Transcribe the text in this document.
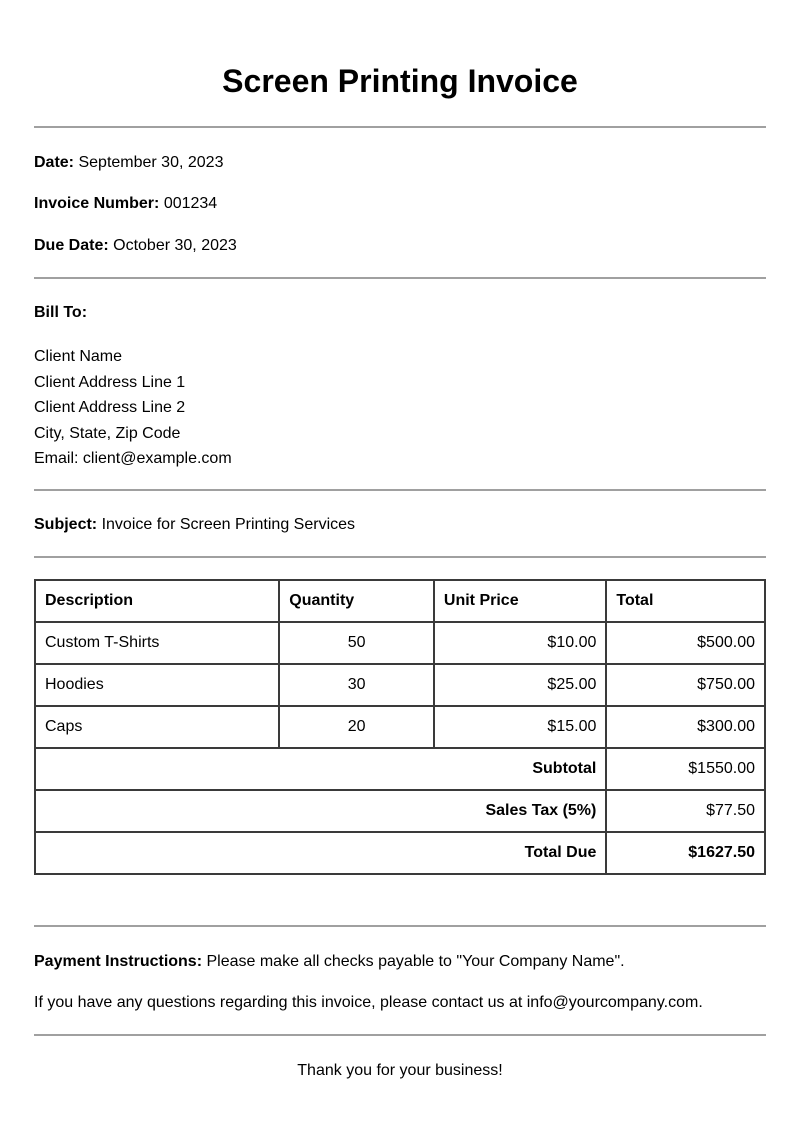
Screen Printing Invoice
Date: September 30, 2023
Invoice Number: 001234
Due Date: October 30, 2023
Bill To:
Client Name
Client Address Line 1
Client Address Line 2
City, State, Zip Code
Email: client@example.com
Subject: Invoice for Screen Printing Services
Description	Quantity	Unit Price	Total
Custom T-Shirts	50	$10.00	$500.00
Hoodies	30	$25.00	$750.00
Caps	20	$15.00	$300.00
Subtotal			$1550.00
Sales Tax (5%)			$77.50
Total Due			$1627.50
Payment Instructions: Please make all checks payable to "Your Company Name".
If you have any questions regarding this invoice, please contact us at info@yourcompany.com.
Thank you for your business!
